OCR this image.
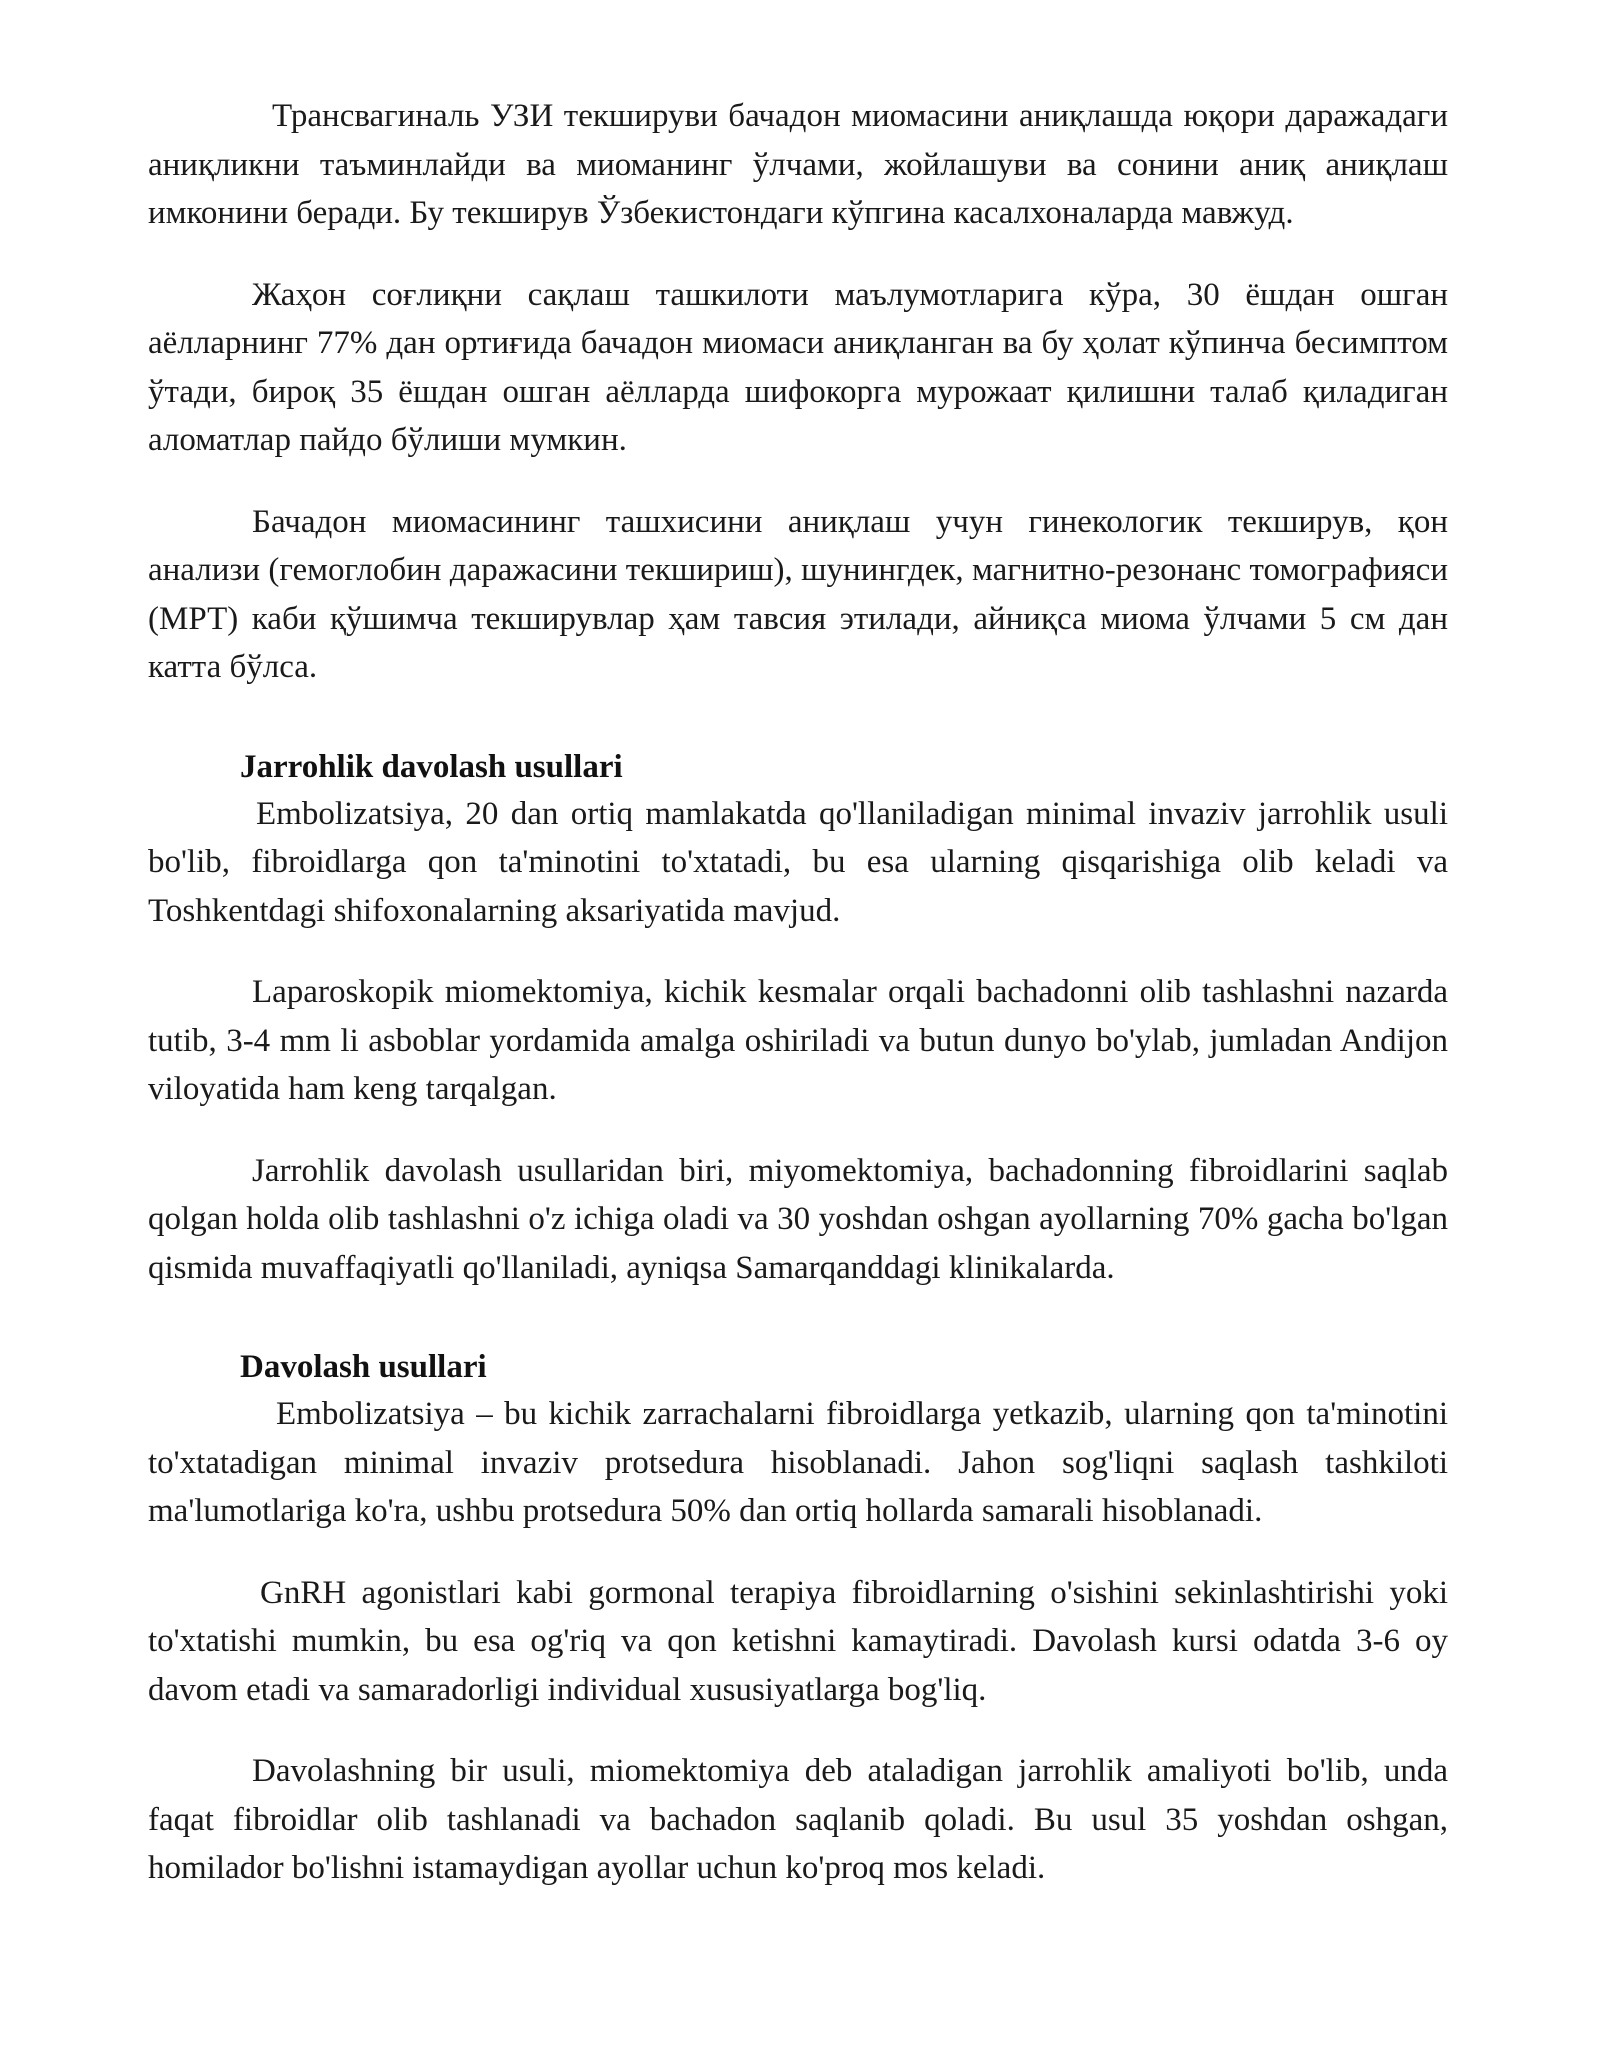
Трансвагиналь УЗИ текшируви бачадон миомасини аниқлашда юқори даражадаги аниқликни таъминлайди ва миоманинг ўлчами, жойлашуви ва сонини аниқ аниқлаш имконини беради. Бу текширув Ўзбекистондаги кўпгина касалхоналарда мавжуд.

Жаҳон соғлиқни сақлаш ташкилоти маълумотларига кўра, 30 ёшдан ошган аёлларнинг 77% дан ортиғида бачадон миомаси аниқланган ва бу ҳолат кўпинча бесимптом ўтади, бироқ 35 ёшдан ошган аёлларда шифокорга мурожаат қилишни талаб қиладиган аломатлар пайдо бўлиши мумкин.

Бачадон миомасининг ташхисини аниқлаш учун гинекологик текширув, қон анализи (гемоглобин даражасини текшириш), шунингдек, магнитно-резонанс томографияси (МРТ) каби қўшимча текширувлар ҳам тавсия этилади, айниқса миома ўлчами 5 см дан катта бўлса.

Jarrohlik davolash usullari

Embolizatsiya, 20 dan ortiq mamlakatda qo'llaniladigan minimal invaziv jarrohlik usuli bo'lib, fibroidlarga qon ta'minotini to'xtatadi, bu esa ularning qisqarishiga olib keladi va Toshkentdagi shifoxonalarning aksariyatida mavjud.

Laparoskopik miomektomiya, kichik kesmalar orqali bachadonni olib tashlashni nazarda tutib, 3-4 mm li asboblar yordamida amalga oshiriladi va butun dunyo bo'ylab, jumladan Andijon viloyatida ham keng tarqalgan.

Jarrohlik davolash usullaridan biri, miyomektomiya, bachadonning fibroidlarini saqlab qolgan holda olib tashlashni o'z ichiga oladi va 30 yoshdan oshgan ayollarning 70% gacha bo'lgan qismida muvaffaqiyatli qo'llaniladi, ayniqsa Samarqanddagi klinikalarda.

Davolash usullari

Embolizatsiya – bu kichik zarrachalarni fibroidlarga yetkazib, ularning qon ta'minotini to'xtatadigan minimal invaziv protsedura hisoblanadi. Jahon sog'liqni saqlash tashkiloti ma'lumotlariga ko'ra, ushbu protsedura 50% dan ortiq hollarda samarali hisoblanadi.

GnRH agonistlari kabi gormonal terapiya fibroidlarning o'sishini sekinlashtirishi yoki to'xtatishi mumkin, bu esa og'riq va qon ketishni kamaytiradi. Davolash kursi odatda 3-6 oy davom etadi va samaradorligi individual xususiyatlarga bog'liq.

Davolashning bir usuli, miomektomiya deb ataladigan jarrohlik amaliyoti bo'lib, unda faqat fibroidlar olib tashlanadi va bachadon saqlanib qoladi. Bu usul 35 yoshdan oshgan, homilador bo'lishni istamaydigan ayollar uchun ko'proq mos keladi.
